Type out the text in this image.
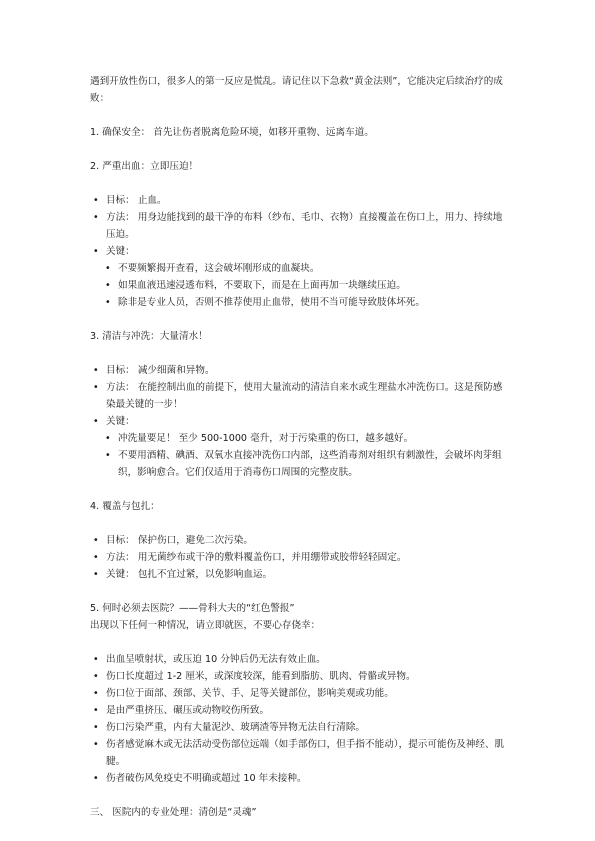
遇到开放性伤口，很多人的第一反应是慌乱。请记住以下急救“黄金法则”，它能决定后续治疗的成败：

1. 确保安全： 首先让伤者脱离危险环境，如移开重物、远离车道。

2. 严重出血：立即压迫！

• 目标： 止血。

• 方法： 用身边能找到的最干净的布料（纱布、毛巾、衣物）直接覆盖在伤口上，用力、持续地压迫。

• 关键：

• 不要频繁揭开查看，这会破坏刚形成的血凝块。

• 如果血液迅速浸透布料，不要取下，而是在上面再加一块继续压迫。

• 除非是专业人员，否则不推荐使用止血带，使用不当可能导致肢体坏死。

3. 清洁与冲洗：大量清水！

• 目标： 减少细菌和异物。

• 方法： 在能控制出血的前提下，使用大量流动的清洁自来水或生理盐水冲洗伤口。这是预防感染最关键的一步！

• 关键：

• 冲洗量要足！ 至少 500-1000 毫升，对于污染重的伤口，越多越好。

• 不要用酒精、碘酒、双氧水直接冲洗伤口内部，这些消毒剂对组织有刺激性，会破坏肉芽组织，影响愈合。它们仅适用于消毒伤口周围的完整皮肤。

4. 覆盖与包扎：

• 目标： 保护伤口，避免二次污染。

• 方法： 用无菌纱布或干净的敷料覆盖伤口，并用绷带或胶带轻轻固定。

• 关键： 包扎不宜过紧，以免影响血运。

5. 何时必须去医院？——骨科大夫的“红色警报”

出现以下任何一种情况，请立即就医，不要心存侥幸：

• 出血呈喷射状，或压迫 10 分钟后仍无法有效止血。

• 伤口长度超过 1-2 厘米，或深度较深，能看到脂肪、肌肉、骨骼或异物。

• 伤口位于面部、颈部、关节、手、足等关键部位，影响美观或功能。

• 是由严重挤压、碾压或动物咬伤所致。

• 伤口污染严重，内有大量泥沙、玻璃渣等异物无法自行清除。

• 伤者感觉麻木或无法活动受伤部位远端（如手部伤口，但手指不能动），提示可能伤及神经、肌腱。

• 伤者破伤风免疫史不明确或超过 10 年未接种。

三、 医院内的专业处理：清创是“灵魂”
